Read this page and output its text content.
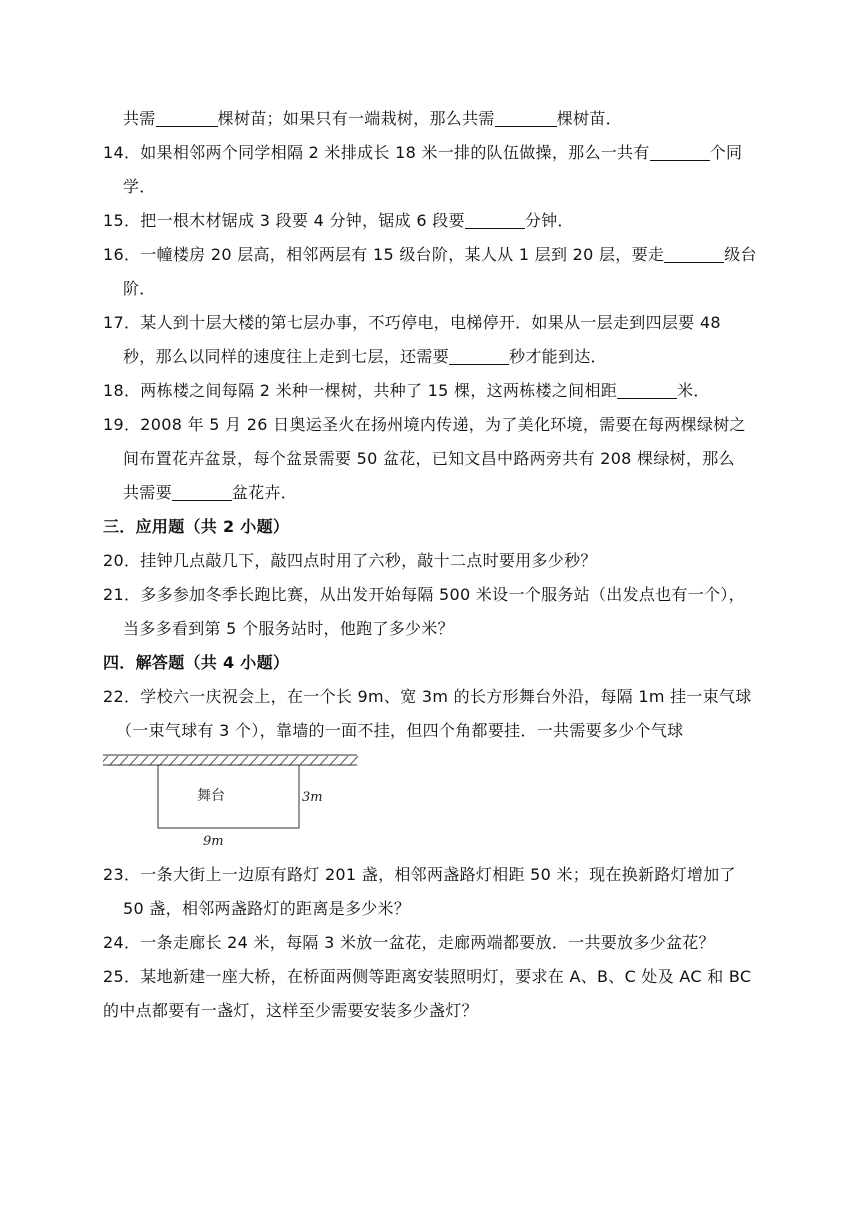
共需	棵树苗；如果只有一端栽树，那么共需	棵树苗．
14．如果相邻两个同学相隔 2 米排成长 18 米一排的队伍做操，那么一共有	个同
学．
15．把一根木材锯成 3 段要 4 分钟，锯成 6 段要	分钟．
16．一幢楼房 20 层高，相邻两层有 15 级台阶，某人从 1 层到 20 层，要走	级台
阶．
17．某人到十层大楼的第七层办事，不巧停电，电梯停开．如果从一层走到四层要 48
秒，那么以同样的速度往上走到七层，还需要	秒才能到达．
18．两栋楼之间每隔 2 米种一棵树，共种了 15 棵，这两栋楼之间相距	米．
19．2008 年 5 月 26 日奥运圣火在扬州境内传递，为了美化环境，需要在每两棵绿树之
间布置花卉盆景，每个盆景需要 50 盆花，已知文昌中路两旁共有 208 棵绿树，那么
共需要	盆花卉．
三．应用题（共 2 小题）
20．挂钟几点敲几下，敲四点时用了六秒，敲十二点时要用多少秒？
21．多多参加冬季长跑比赛，从出发开始每隔 500 米设一个服务站（出发点也有一个），
当多多看到第 5 个服务站时，他跑了多少米？
四．解答题（共 4 小题）
22．学校六一庆祝会上，在一个长 9m、宽 3m 的长方形舞台外沿，每隔 1m 挂一束气球
（一束气球有 3 个），靠墙的一面不挂，但四个角都要挂．一共需要多少个气球
舞台	3m
9m
23．一条大街上一边原有路灯 201 盏，相邻两盏路灯相距 50 米；现在换新路灯增加了
50 盏，相邻两盏路灯的距离是多少米？
24．一条走廊长 24 米，每隔 3 米放一盆花，走廊两端都要放．一共要放多少盆花？
25．某地新建一座大桥，在桥面两侧等距离安装照明灯，要求在 A、B、C 处及 AC 和 BC
的中点都要有一盏灯，这样至少需要安装多少盏灯？
